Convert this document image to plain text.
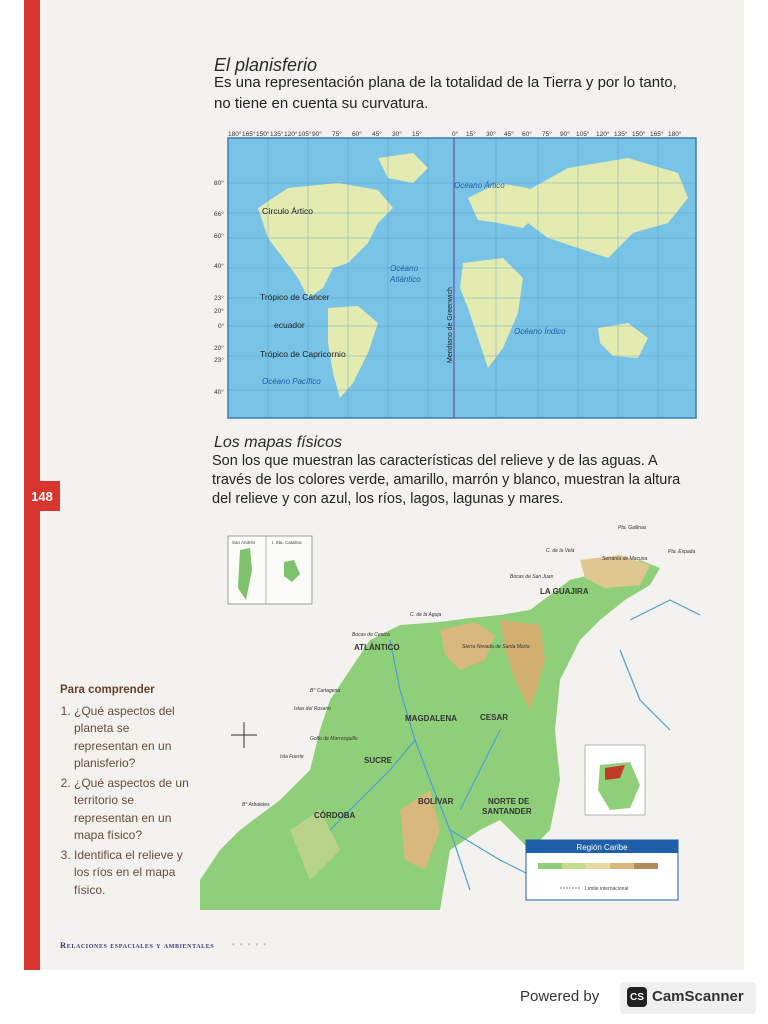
148
El planisferio
Es una representación plana de la totalidad de la Tierra y por lo tanto, no tiene en cuenta su curvatura.
180° 165° 150° 135° 120° 105° 90° 75° 60° 45° 30° 15°	0° 15° 30° 45° 60° 75° 90° 105° 120° 135° 150° 165° 180°
80°
66°
60°
40°
23°
20°
0°
20°
23°
40°
Círculo Ártico
Trópico de Cáncer
ecuador
Trópico de Capricornio
Océano Ártico
Océano
Atlántico
Océano Índico
Océano Pacífico
Meridiano de Greenwich
Los mapas físicos
Son los que muestran las características del relieve y de las aguas. A través de los colores verde, amarillo, marrón y blanco, muestran la altura del relieve y con azul, los ríos, lagos, lagunas y mares.
San Andrés	I. Sta. Catalina
Región Caribe
Límite internacional
LA GUAJIRA
ATLÁNTICO
MAGDALENA	CESAR
SUCRE
BOLÍVAR
CÓRDOBA
NORTE DE
SANTANDER
Pta. Gallinas
Pta. Espada
C. de la Vela
Bocas de San Juan
C. de la Aguja
Bocas de Ceniza
B° Cartagena
Islas del Rosario
Golfo de Morrosquillo
Isla Fuerte
B° Arboletes
Serranía de Macuira
Sierra Nevada de Santa Marta
Para comprender
1. ¿Qué aspectos del planeta se representan en un planisferio?
2. ¿Qué aspectos de un territorio se representan en un mapa físico?
3. Identifica el relieve y los ríos en el mapa físico.
Relaciones espaciales y ambientales •••••
Powered by	CS CamScanner
